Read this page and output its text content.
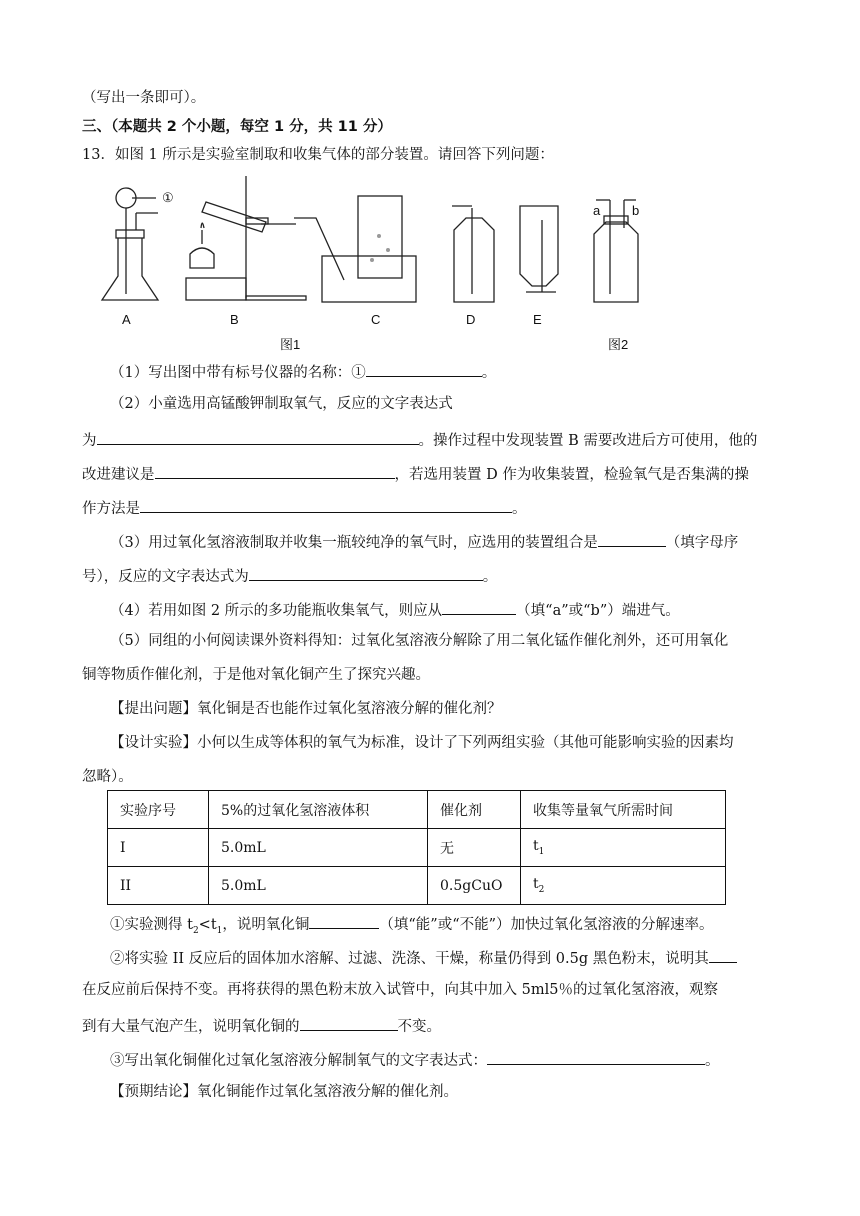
（写出一条即可）。
三、（本题共 2 个小题，每空 1 分，共 11 分）
13．如图 1 所示是实验室制取和收集气体的部分装置。请回答下列问题：
①
a b
A	B	C	D	E
图1	图2
（1）写出图中带有标号仪器的名称：①	。
（2）小童选用高锰酸钾制取氧气，反应的文字表达式
为	。操作过程中发现装置 B 需要改进后方可使用，他的
改进建议是	，若选用装置 D 作为收集装置，检验氧气是否集满的操
作方法是	。
（3）用过氧化氢溶液制取并收集一瓶较纯净的氧气时，应选用的装置组合是	（填字母序
号），反应的文字表达式为	。
（4）若用如图 2 所示的多功能瓶收集氧气，则应从	（填“a”或“b”）端进气。
（5）同组的小何阅读课外资料得知：过氧化氢溶液分解除了用二氧化锰作催化剂外，还可用氧化
铜等物质作催化剂，于是他对氧化铜产生了探究兴趣。
【提出问题】氧化铜是否也能作过氧化氢溶液分解的催化剂？
【设计实验】小何以生成等体积的氧气为标准，设计了下列两组实验（其他可能影响实验的因素均
忽略）。
实验序号	5%的过氧化氢溶液体积	催化剂	收集等量氧气所需时间
I	5.0mL	无	$t_1$
II	5.0mL	0.5gCuO	$t_2$
①实验测得 $t_2<t_1$，说明氧化铜	（填“能”或“不能”）加快过氧化氢溶液的分解速率。
②将实验 II 反应后的固体加水溶解、过滤、洗涤、干燥，称量仍得到 0.5g 黑色粉末，说明其
在反应前后保持不变。再将获得的黑色粉末放入试管中，向其中加入 5ml5％的过氧化氢溶液，观察
到有大量气泡产生，说明氧化铜的	不变。
③写出氧化铜催化过氧化氢溶液分解制氧气的文字表达式：	。
【预期结论】氧化铜能作过氧化氢溶液分解的催化剂。
